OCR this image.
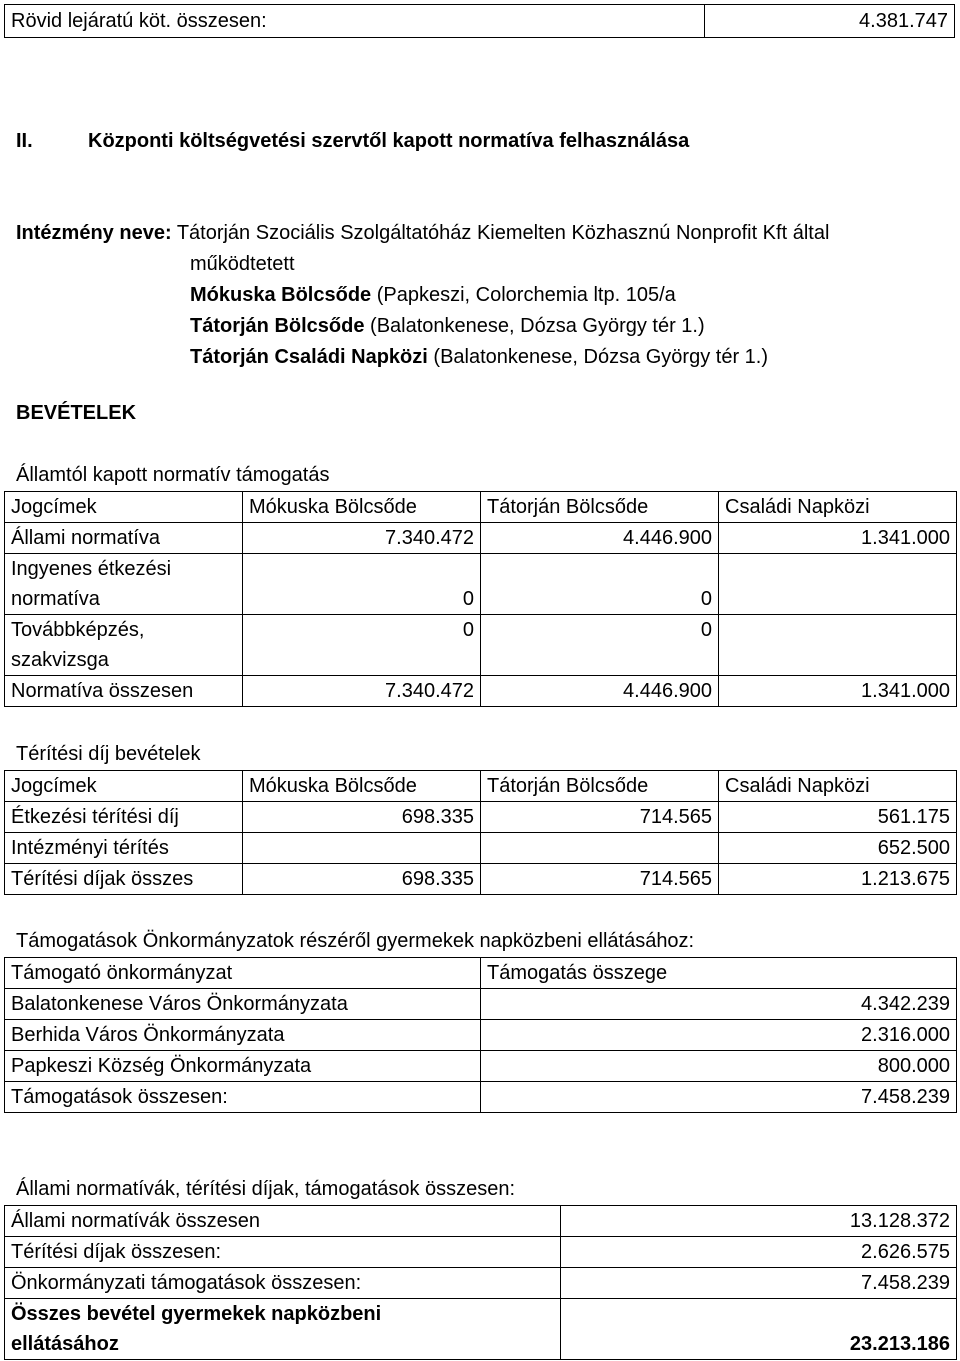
Rövid lejáratú köt. összesen:	4.381.747
II.	Központi költségvetési szervtől kapott normatíva felhasználása
Intézmény neve: Tátorján Szociális Szolgáltatóház Kiemelten Közhasznú Nonprofit Kft által
működtetett
Mókuska Bölcsőde (Papkeszi, Colorchemia ltp. 105/a
Tátorján Bölcsőde (Balatonkenese, Dózsa György tér 1.)
Tátorján Családi Napközi (Balatonkenese, Dózsa György tér 1.)
BEVÉTELEK
Államtól kapott normatív támogatás
Jogcímek	Mókuska Bölcsőde	Tátorján Bölcsőde	Családi Napközi
Állami normatíva	7.340.472	4.446.900	1.341.000

Ingyenes étkezési
normatíva	0	0	

Továbbképzés,
szakvizsga	0	0	
Normatíva összesen	7.340.472	4.446.900	1.341.000
Térítési díj bevételek
Jogcímek	Mókuska Bölcsőde	Tátorján Bölcsőde	Családi Napközi
Étkezési térítési díj	698.335	714.565	561.175
Intézményi térítés			652.500
Térítési díjak összes	698.335	714.565	1.213.675
Támogatások Önkormányzatok részéről gyermekek napközbeni ellátásához:
Támogató önkormányzat	Támogatás összege
Balatonkenese Város Önkormányzata	4.342.239
Berhida Város Önkormányzata	2.316.000
Papkeszi Község Önkormányzata	800.000
Támogatások összesen:	7.458.239
Állami normatívák, térítési díjak, támogatások összesen:
Állami normatívák összesen	13.128.372
Térítési díjak összesen:	2.626.575
Önkormányzati támogatások összesen:	7.458.239

Összes bevétel gyermekek napközbeni
ellátásához	23.213.186
